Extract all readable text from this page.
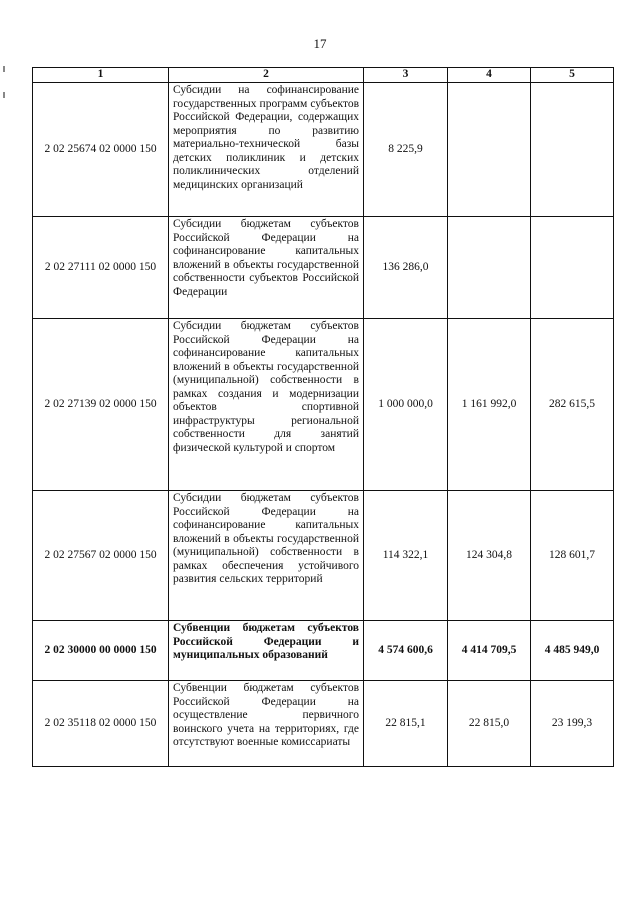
17
1	2	3	4	5
2 02 25674 02 0000 150	Субсидии на софинансирование государственных программ субъектов Российской Федерации, содержащих мероприятия по развитию материально-технической базы детских поликлиник и детских поликлинических отделений медицинских организаций	8 225,9		
2 02 27111 02 0000 150	Субсидии бюджетам субъектов Российской Федерации на софинансирование капитальных вложений в объекты государственной собственности субъектов Российской Федерации	136 286,0		
2 02 27139 02 0000 150	Субсидии бюджетам субъектов Российской Федерации на софинансирование капитальных вложений в объекты государственной (муниципальной) собственности в рамках создания и модернизации объектов спортивной инфраструктуры региональной собственности для занятий физической культурой и спортом	1 000 000,0	1 161 992,0	282 615,5
2 02 27567 02 0000 150	Субсидии бюджетам субъектов Российской Федерации на софинансирование капитальных вложений в объекты государственной (муниципальной) собственности в рамках обеспечения устойчивого развития сельских территорий	114 322,1	124 304,8	128 601,7
2 02 30000 00 0000 150	Субвенции бюджетам субъектов Российской Федерации и муниципальных образований	4 574 600,6	4 414 709,5	4 485 949,0
2 02 35118 02 0000 150	Субвенции бюджетам субъектов Российской Федерации на осуществление первичного воинского учета на территориях, где отсутствуют военные комиссариаты	22 815,1	22 815,0	23 199,3
